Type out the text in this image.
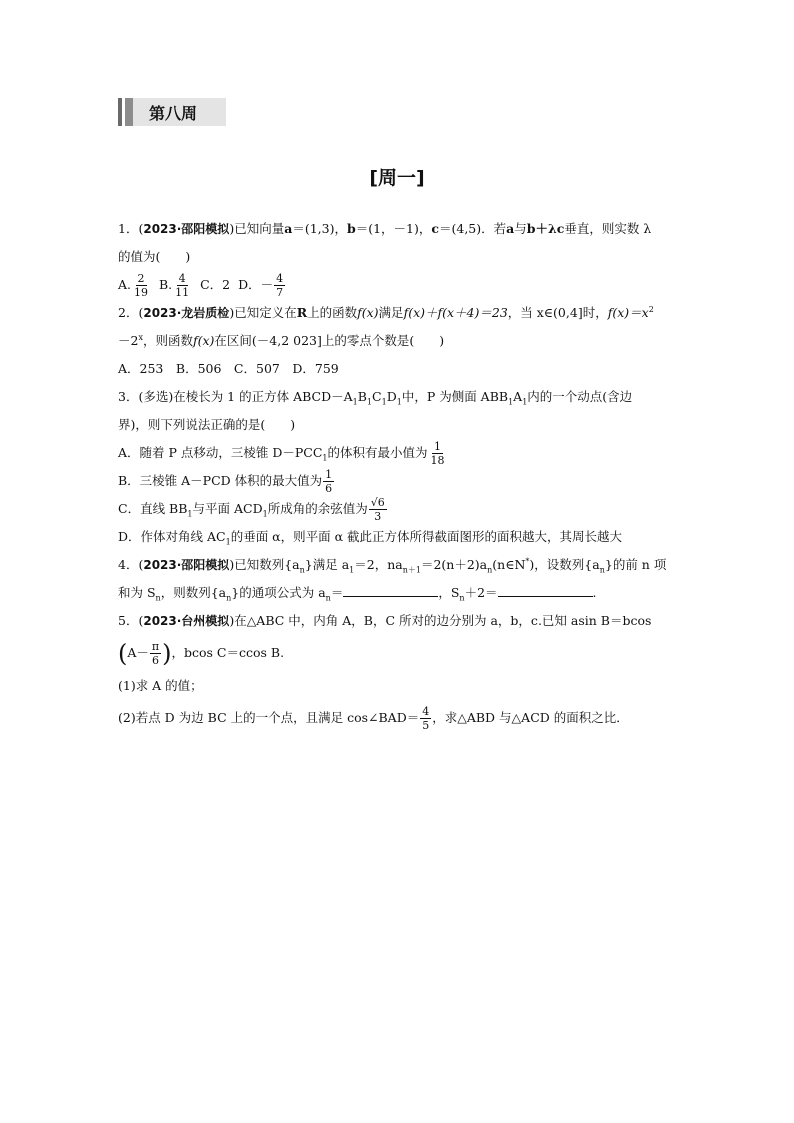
第八周
[周一]
1．(2023·邵阳模拟)已知向量a＝(1,3)，b＝(1，－1)，c＝(4,5)．若a与b＋λc垂直，则实数 λ
的值为(　　)
A. $\frac{2}{19} B$. $\frac{4}{11}$ C．2 D．－ $\frac{4}{7}$
2．(2023·龙岩质检)已知定义在R上的函数f(x)满足f(x)＋f(x＋4)＝23，当 x∈(0,4]时，$f(x)=x^2$
$-2^x$，则函数f(x)在区间(－4,2 023]上的零点个数是(　　)
A．253　B．506　C．507　D．759
3．(多选)在棱长为 1 的正方体 $ABCD-A_1B_1C_1D_1$中，P 为侧面 $ABB_1A_1$内的一个动点(含边
界)，则下列说法正确的是(　　)
A．随着 P 点移动，三棱锥 $D-PCC_1$的体积有最小值为 $\frac{1}{18}$
B．三棱锥 A－PCD 体积的最大值为 $\frac{1}{6}$
C．直线 $BB_1$与平面 $ACD_1$所成角的余弦值为 $\frac{√6}{3}$
D．作体对角线 $AC_1$的垂面 α，则平面 α 截此正方体所得截面图形的面积越大，其周长越大
4．(2023·邵阳模拟)已知数列$\{a_n\}$满足 $a_1=2$，$na_{n+1}=2(n+2)a_n(n\in N^*)$，设数列$\{a_n\}$的前 n 项
和为 $S_n$，则数列$\{a_n\}$的通项公式为 $a_n=$	，$S_n+2=$	.
5．(2023·台州模拟)在△ABC 中，内角 A，B，C 所对的边分别为 a，b，c.已知 asin B＝bcos
($A- \frac{\pi}{6}$ )，bcos C＝ccos B.
(1)求 A 的值；
(2)若点 D 为边 BC 上的一个点，且满足 cos∠BAD＝ $\frac{4}{5}$ ，求△ABD 与△ACD 的面积之比．
